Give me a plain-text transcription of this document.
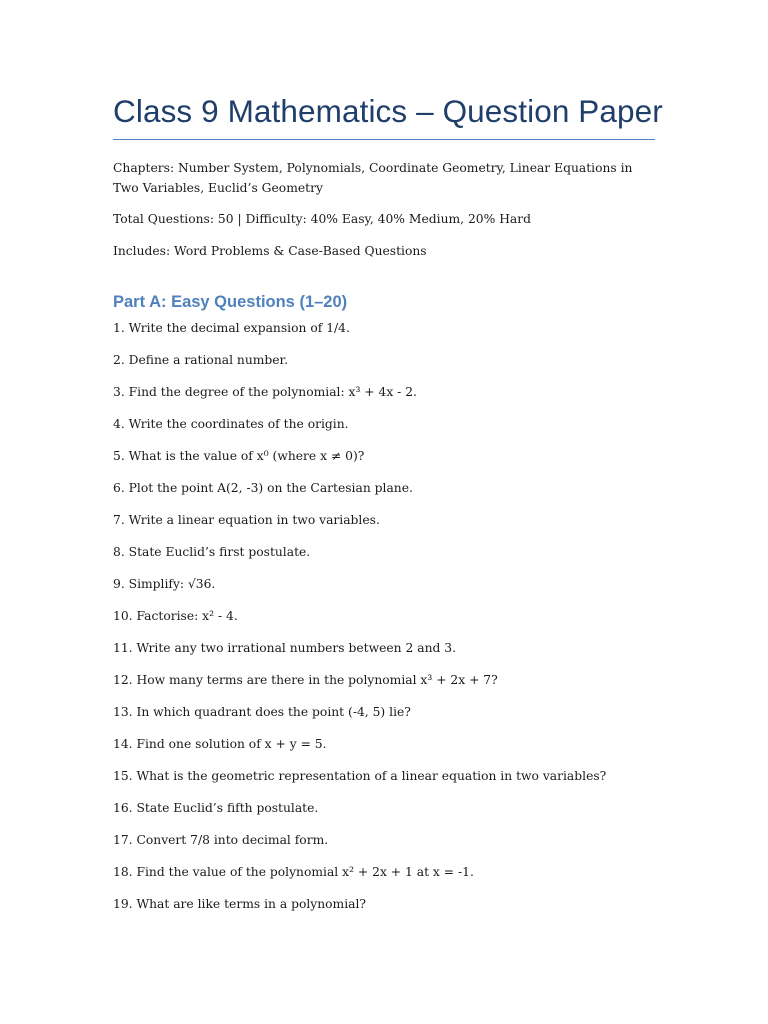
Class 9 Mathematics – Question Paper
Chapters: Number System, Polynomials, Coordinate Geometry, Linear Equations in Two Variables, Euclid’s Geometry
Total Questions: 50 | Difficulty: 40% Easy, 40% Medium, 20% Hard
Includes: Word Problems & Case-Based Questions
Part A: Easy Questions (1–20)
1. Write the decimal expansion of 1/4.
2. Define a rational number.
3. Find the degree of the polynomial: x³ + 4x - 2.
4. Write the coordinates of the origin.
5. What is the value of x⁰ (where x ≠ 0)?
6. Plot the point A(2, -3) on the Cartesian plane.
7. Write a linear equation in two variables.
8. State Euclid’s first postulate.
9. Simplify: √36.
10. Factorise: x² - 4.
11. Write any two irrational numbers between 2 and 3.
12. How many terms are there in the polynomial x³ + 2x + 7?
13. In which quadrant does the point (-4, 5) lie?
14. Find one solution of x + y = 5.
15. What is the geometric representation of a linear equation in two variables?
16. State Euclid’s fifth postulate.
17. Convert 7/8 into decimal form.
18. Find the value of the polynomial x² + 2x + 1 at x = -1.
19. What are like terms in a polynomial?
